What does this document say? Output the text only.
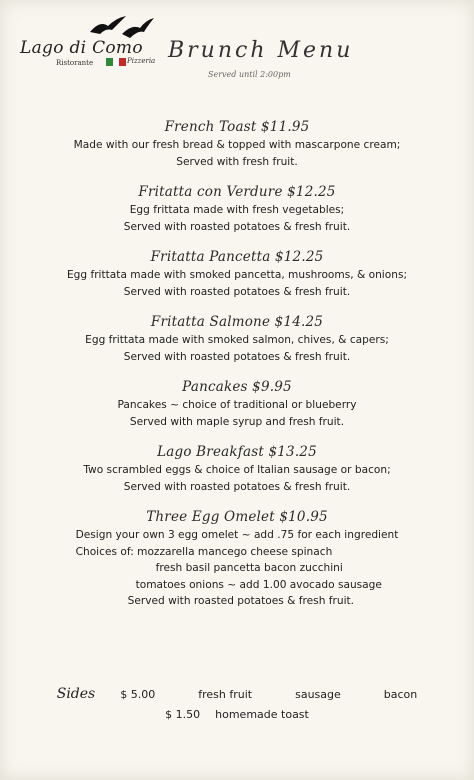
Lago di Como
Ristorante	Pizzeria Brunch Menu
Served until 2:00pm
French Toast $11.95
Made with our fresh bread & topped with mascarpone cream;
Served with fresh fruit.
Fritatta con Verdure $12.25
Egg frittata made with fresh vegetables;
Served with roasted potatoes & fresh fruit.
Fritatta Pancetta $12.25
Egg frittata made with smoked pancetta, mushrooms, & onions;
Served with roasted potatoes & fresh fruit.
Fritatta Salmone $14.25
Egg frittata made with smoked salmon, chives, & capers;
Served with roasted potatoes & fresh fruit.
Pancakes $9.95
Pancakes ~ choice of traditional or blueberry
Served with maple syrup and fresh fruit.
Lago Breakfast $13.25
Two scrambled eggs & choice of Italian sausage or bacon;
Served with roasted potatoes & fresh fruit.
Three Egg Omelet $10.95
Design your own 3 egg omelet ~ add .75 for each ingredient
Choices of: mozzarella mancego cheese spinach
fresh basil pancetta bacon zucchini
tomatoes onions ~ add 1.00 avocado sausage
Served with roasted potatoes & fresh fruit.
Sides $ 5.00	fresh fruit	sausage	bacon
$ 1.50 homemade toast
